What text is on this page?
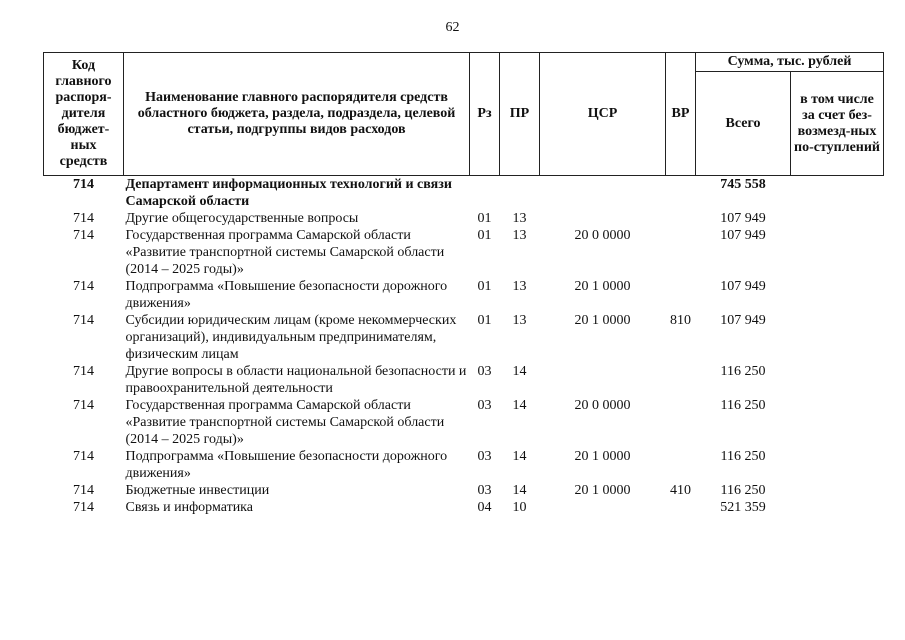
62
Код главного распоря-дителя бюджет-ных средств	Наименование главного распорядителя средств областного бюджета, раздела, подраздела, целевой статьи, подгруппы видов расходов	Рз	ПР	ЦСР	ВР	Сумма, тыс. рублей	
						Всего	в том числе за счет без-возмезд-ных по-ступлений
714	Департамент информационных технологий и связи Самарской области					745 558	
714	Другие общегосударственные вопросы	01	13			107 949	
714	Государственная программа Самарской области «Развитие транспортной системы Самарской области (2014 – 2025 годы)»	01	13	20 0 0000		107 949	
714	Подпрограмма «Повышение безопасности дорожного движения»	01	13	20 1 0000		107 949	
714	Субсидии юридическим лицам (кроме некоммерческих организаций), индивидуальным предпринимателям, физическим лицам	01	13	20 1 0000	810	107 949	
714	Другие вопросы в области национальной безопасности и правоохранительной деятельности	03	14			116 250	
714	Государственная программа Самарской области «Развитие транспортной системы Самарской области (2014 – 2025 годы)»	03	14	20 0 0000		116 250	
714	Подпрограмма «Повышение безопасности дорожного движения»	03	14	20 1 0000		116 250	
714	Бюджетные инвестиции	03	14	20 1 0000	410	116 250	
714	Связь и информатика	04	10			521 359	
